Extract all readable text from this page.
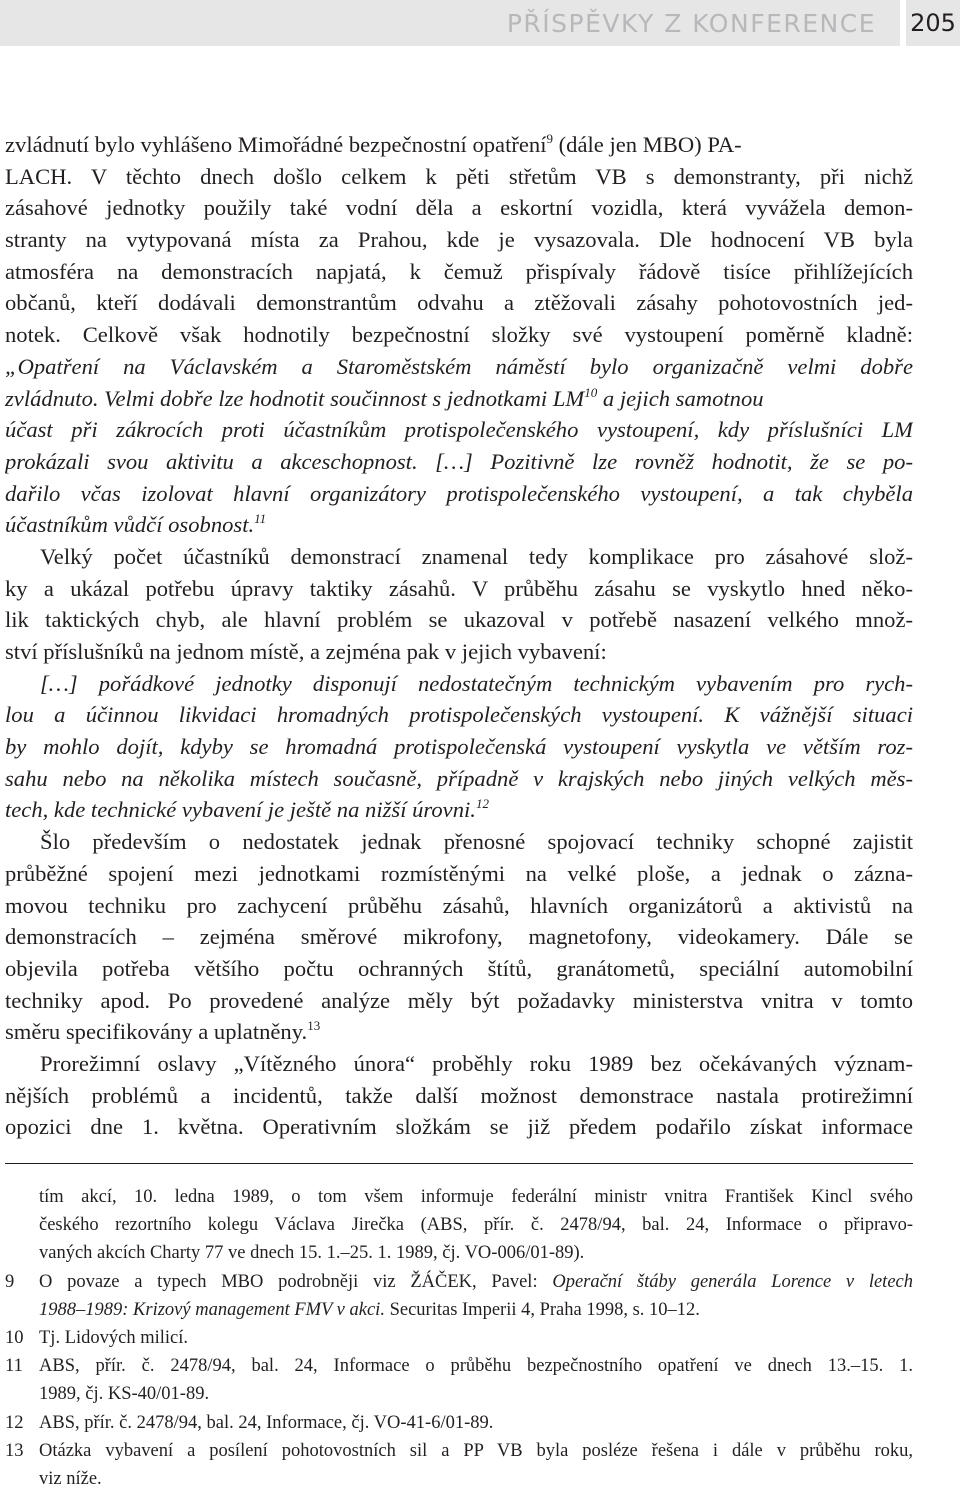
PŘÍSPĚVKY Z KONFERENCE 205
zvládnutí bylo vyhlášeno Mimořádné bezpečnostní opatření$^9$ (dále jen MBO) PA-
LACH. V těchto dnech došlo celkem k pěti střetům VB s demonstranty, při nichž
zásahové jednotky použily také vodní děla a eskortní vozidla, která vyvážela demon-
stranty na vytypovaná místa za Prahou, kde je vysazovala. Dle hodnocení VB byla
atmosféra na demonstracích napjatá, k čemuž přispívaly řádově tisíce přihlížejících
občanů, kteří dodávali demonstrantům odvahu a ztěžovali zásahy pohotovostních jed-
notek. Celkově však hodnotily bezpečnostní složky své vystoupení poměrně kladně:
„Opatření na Václavském a Staroměstském náměstí bylo organizačně velmi dobře
zvládnuto. Velmi dobře lze hodnotit součinnost s jednotkami LM$^{10}$ a jejich samotnou
účast při zákrocích proti účastníkům protispolečenského vystoupení, kdy příslušníci LM
prokázali svou aktivitu a akceschopnost. […] Pozitivně lze rovněž hodnotit, že se po-
dařilo včas izolovat hlavní organizátory protispolečenského vystoupení, a tak chyběla
účastníkům vůdčí osobnost.$^{11}$
Velký počet účastníků demonstrací znamenal tedy komplikace pro zásahové slož-
ky a ukázal potřebu úpravy taktiky zásahů. V průběhu zásahu se vyskytlo hned něko-
lik taktických chyb, ale hlavní problém se ukazoval v potřebě nasazení velkého množ-
ství příslušníků na jednom místě, a zejména pak v jejich vybavení:
[…] pořádkové jednotky disponují nedostatečným technickým vybavením pro rych-
lou a účinnou likvidaci hromadných protispolečenských vystoupení. K vážnější situaci
by mohlo dojít, kdyby se hromadná protispolečenská vystoupení vyskytla ve větším roz-
sahu nebo na několika místech současně, případně v krajských nebo jiných velkých měs-
tech, kde technické vybavení je ještě na nižší úrovni.$^{12}$
Šlo především o nedostatek jednak přenosné spojovací techniky schopné zajistit
průběžné spojení mezi jednotkami rozmístěnými na velké ploše, a jednak o zázna-
movou techniku pro zachycení průběhu zásahů, hlavních organizátorů a aktivistů na
demonstracích – zejména směrové mikrofony, magnetofony, videokamery. Dále se
objevila potřeba většího počtu ochranných štítů, granátometů, speciální automobilní
techniky apod. Po provedené analýze měly být požadavky ministerstva vnitra v tomto
směru specifikovány a uplatněny.$^{13}$
Prorežimní oslavy „Vítězného února“ proběhly roku 1989 bez očekávaných význam-
nějších problémů a incidentů, takže další možnost demonstrace nastala protirežimní
opozici dne 1. května. Operativním složkám se již předem podařilo získat informace
tím akcí, 10. ledna 1989, o tom všem informuje federální ministr vnitra František Kincl svého
českého rezortního kolegu Václava Jirečka (ABS, přír. č. 2478/94, bal. 24, Informace o připravo-
vaných akcích Charty 77 ve dnech 15. 1.–25. 1. 1989, čj. VO-006/01-89).
9	O povaze a typech MBO podrobněji viz ŽÁČEK, Pavel: Operační štáby generála Lorence v letech
1988–1989: Krizový management FMV v akci. Securitas Imperii 4, Praha 1998, s. 10–12.
10 Tj. Lidových milicí.
11 ABS, přír. č. 2478/94, bal. 24, Informace o průběhu bezpečnostního opatření ve dnech 13.–15. 1.
1989, čj. KS-40/01-89.
12 ABS, přír. č. 2478/94, bal. 24, Informace, čj. VO-41-6/01-89.
13 Otázka vybavení a posílení pohotovostních sil a PP VB byla posléze řešena i dále v průběhu roku,
viz níže.
